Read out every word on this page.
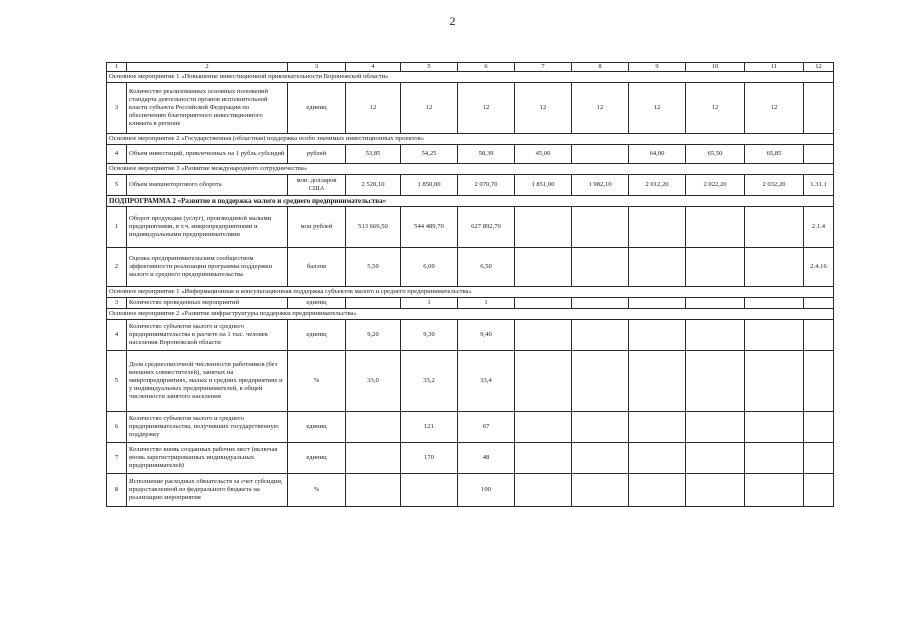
2
1	2	3	4	5	6	7	8	9	10	11	12
Основное мероприятие 1 «Повышение инвестиционной привлекательности Воронежской области»											
3	Количество реализованных основных положений стандарта деятельности органов исполнительной власти субъекта Российской Федерации по обеспечению благоприятного инвестиционного климата в регионе	единиц	12	12	12	12	12	12	12	12	
Основное мероприятие 2 «Государственная (областная) поддержка особо значимых инвестиционных проектов»											
4	Объем инвестиций, привлеченных на 1 рубль субсидий	рублей	53,85	54,25	58,39	45,00		64,00	65,50	65,85	
Основное мероприятие 3 «Развитие международного сотрудничества»											
5	Объем внешнеторгового оборота	млн. долларов США	2 520,10	1 850,00	2 070,70	1 851,00	1 982,10	2 012,20	2 022,20	2 032,20	1.31.1
ПОДПРОГРАММА 2 «Развитие и поддержка малого и среднего предпринимательства»											
1	Оборот продукции (услуг), производимой малыми предприятиями, в т.ч. микропредприятиями и индивидуальными предпринимателями	млн рублей	513 669,50	544 489,70	627 892,70						2.1.4
2	Оценка предпринимательским сообществом эффективности реализации программы поддержки малого и среднего предпринимательства	баллов	5,50	6,00	6,50						2.4.16
Основное мероприятие 1 «Информационная и консультационная поддержка субъектов малого и среднего предпринимательства»											
3	Количество проведенных мероприятий	единиц		1	1						
Основное мероприятие 2 «Развитие инфраструктуры поддержки предпринимательства»											
4	Количество субъектов малого и среднего предпринимательства в расчете на 1 тыс. человек населения Воронежской области	единиц	9,20	9,30	9,40						
5	Доля среднесписочной численности работников (без внешних совместителей), занятых на микропредприятиях, малых и средних предприятиях и у индивидуальных предпринимателей, в общей численности занятого населения	%	33,0	33,2	33,4						
6	Количество субъектов малого и среднего предпринимательства, получивших государственную поддержку	единиц		121	67						
7	Количество вновь созданных рабочих мест (включая вновь зарегистрированных индивидуальных предпринимателей)	единиц		170	48						
8	Исполнение расходных обязательств за счет субсидии, предоставленной из федерального бюджета на реализацию мероприятия	%			100						
